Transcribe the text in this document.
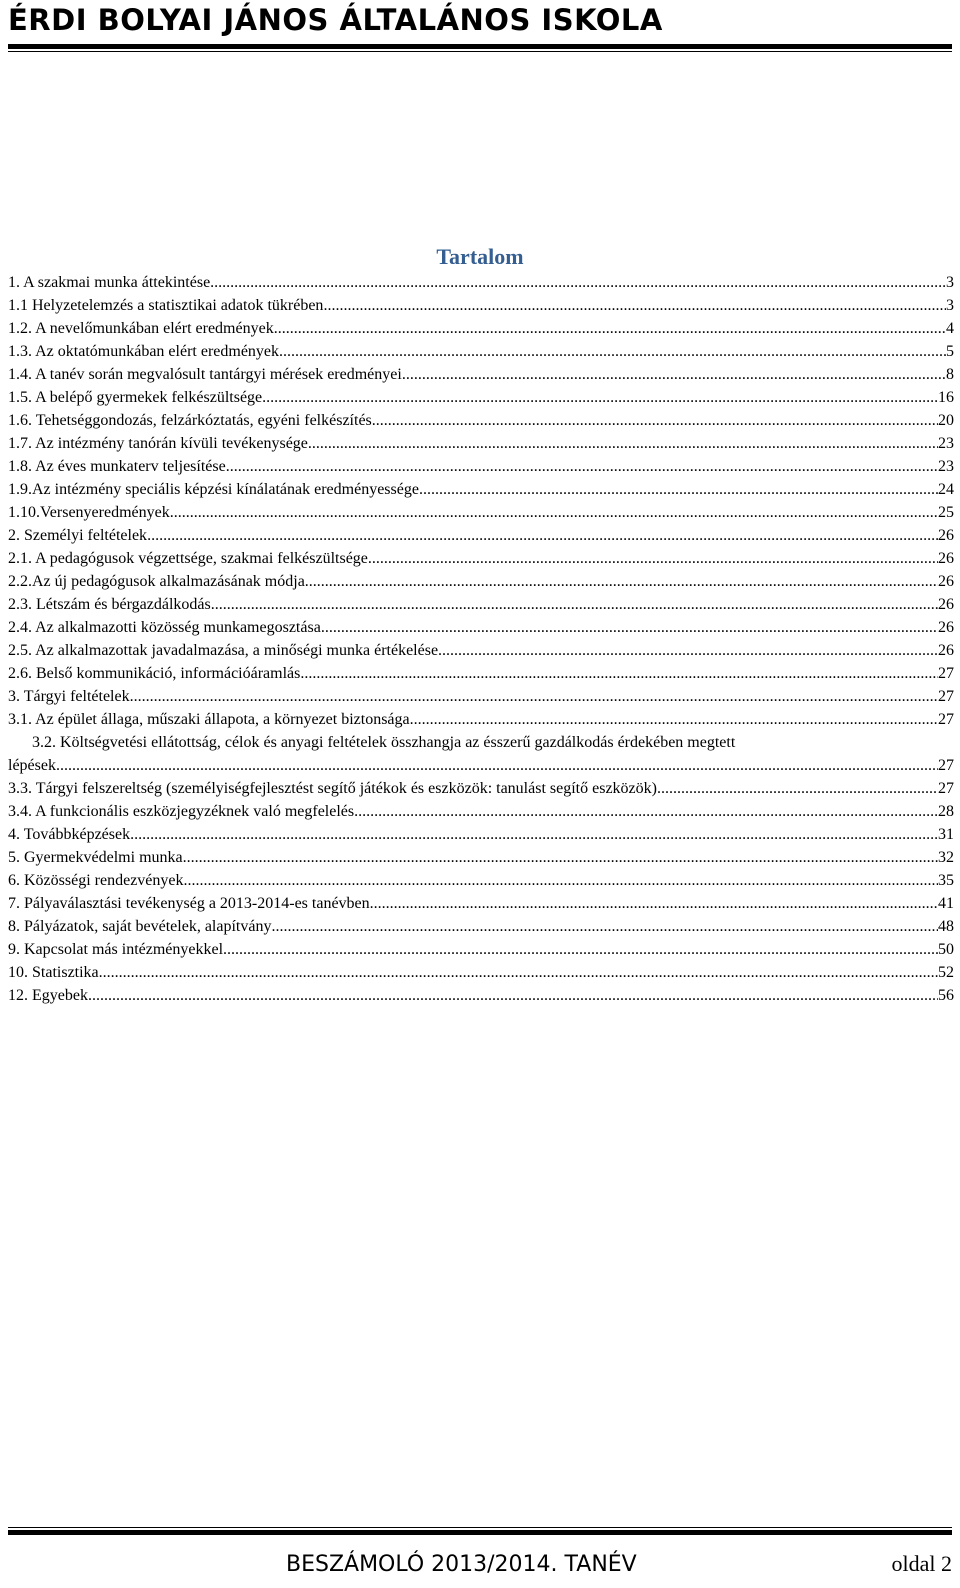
ÉRDI BOLYAI JÁNOS ÁLTALÁNOS ISKOLA
Tartalom
1. A szakmai munka áttekintése .....	3
1.1 Helyzetelemzés a statisztikai adatok tükrében .....	3
1.2. A nevelőmunkában elért eredmények .....	4
1.3. Az oktatómunkában elért eredmények .....	5
1.4. A tanév során megvalósult tantárgyi mérések eredményei .....	8
1.5. A belépő gyermekek felkészültsége .....	16
1.6. Tehetséggondozás, felzárkóztatás, egyéni felkészítés .....	20
1.7. Az intézmény tanórán kívüli tevékenysége .....	23
1.8. Az éves munkaterv teljesítése .....	23
1.9.Az intézmény speciális képzési kínálatának eredményessége .....	24
1.10.Versenyeredmények .....	25
2. Személyi feltételek .....	26
2.1. A pedagógusok végzettsége, szakmai felkészültsége .....	26
2.2.Az új pedagógusok alkalmazásának módja .....	26
2.3. Létszám és bérgazdálkodás .....	26
2.4. Az alkalmazotti közösség munkamegosztása .....	26
2.5. Az alkalmazottak javadalmazása, a minőségi munka értékelése .....	26
2.6. Belső kommunikáció, információáramlás .....	27
3. Tárgyi feltételek .....	27
3.1. Az épület állaga, műszaki állapota, a környezet biztonsága .....	27
3.2. Költségvetési ellátottság, célok és anyagi feltételek összhangja az ésszerű gazdálkodás érdekében megtett
lépések .....	27
3.3. Tárgyi felszereltség (személyiségfejlesztést segítő játékok és eszközök: tanulást segítő eszközök) .....	27
3.4. A funkcionális eszközjegyzéknek való megfelelés .....	28
4. Továbbképzések .....	31
5. Gyermekvédelmi munka .....	32
6. Közösségi rendezvények .....	35
7. Pályaválasztási tevékenység a 2013-2014-es tanévben .....	41
8. Pályázatok, saját bevételek, alapítvány .....	48
9. Kapcsolat más intézményekkel .....	50
10. Statisztika .....	52
12. Egyebek .....	56
BESZÁMOLÓ 2013/2014. TANÉV	oldal 2
